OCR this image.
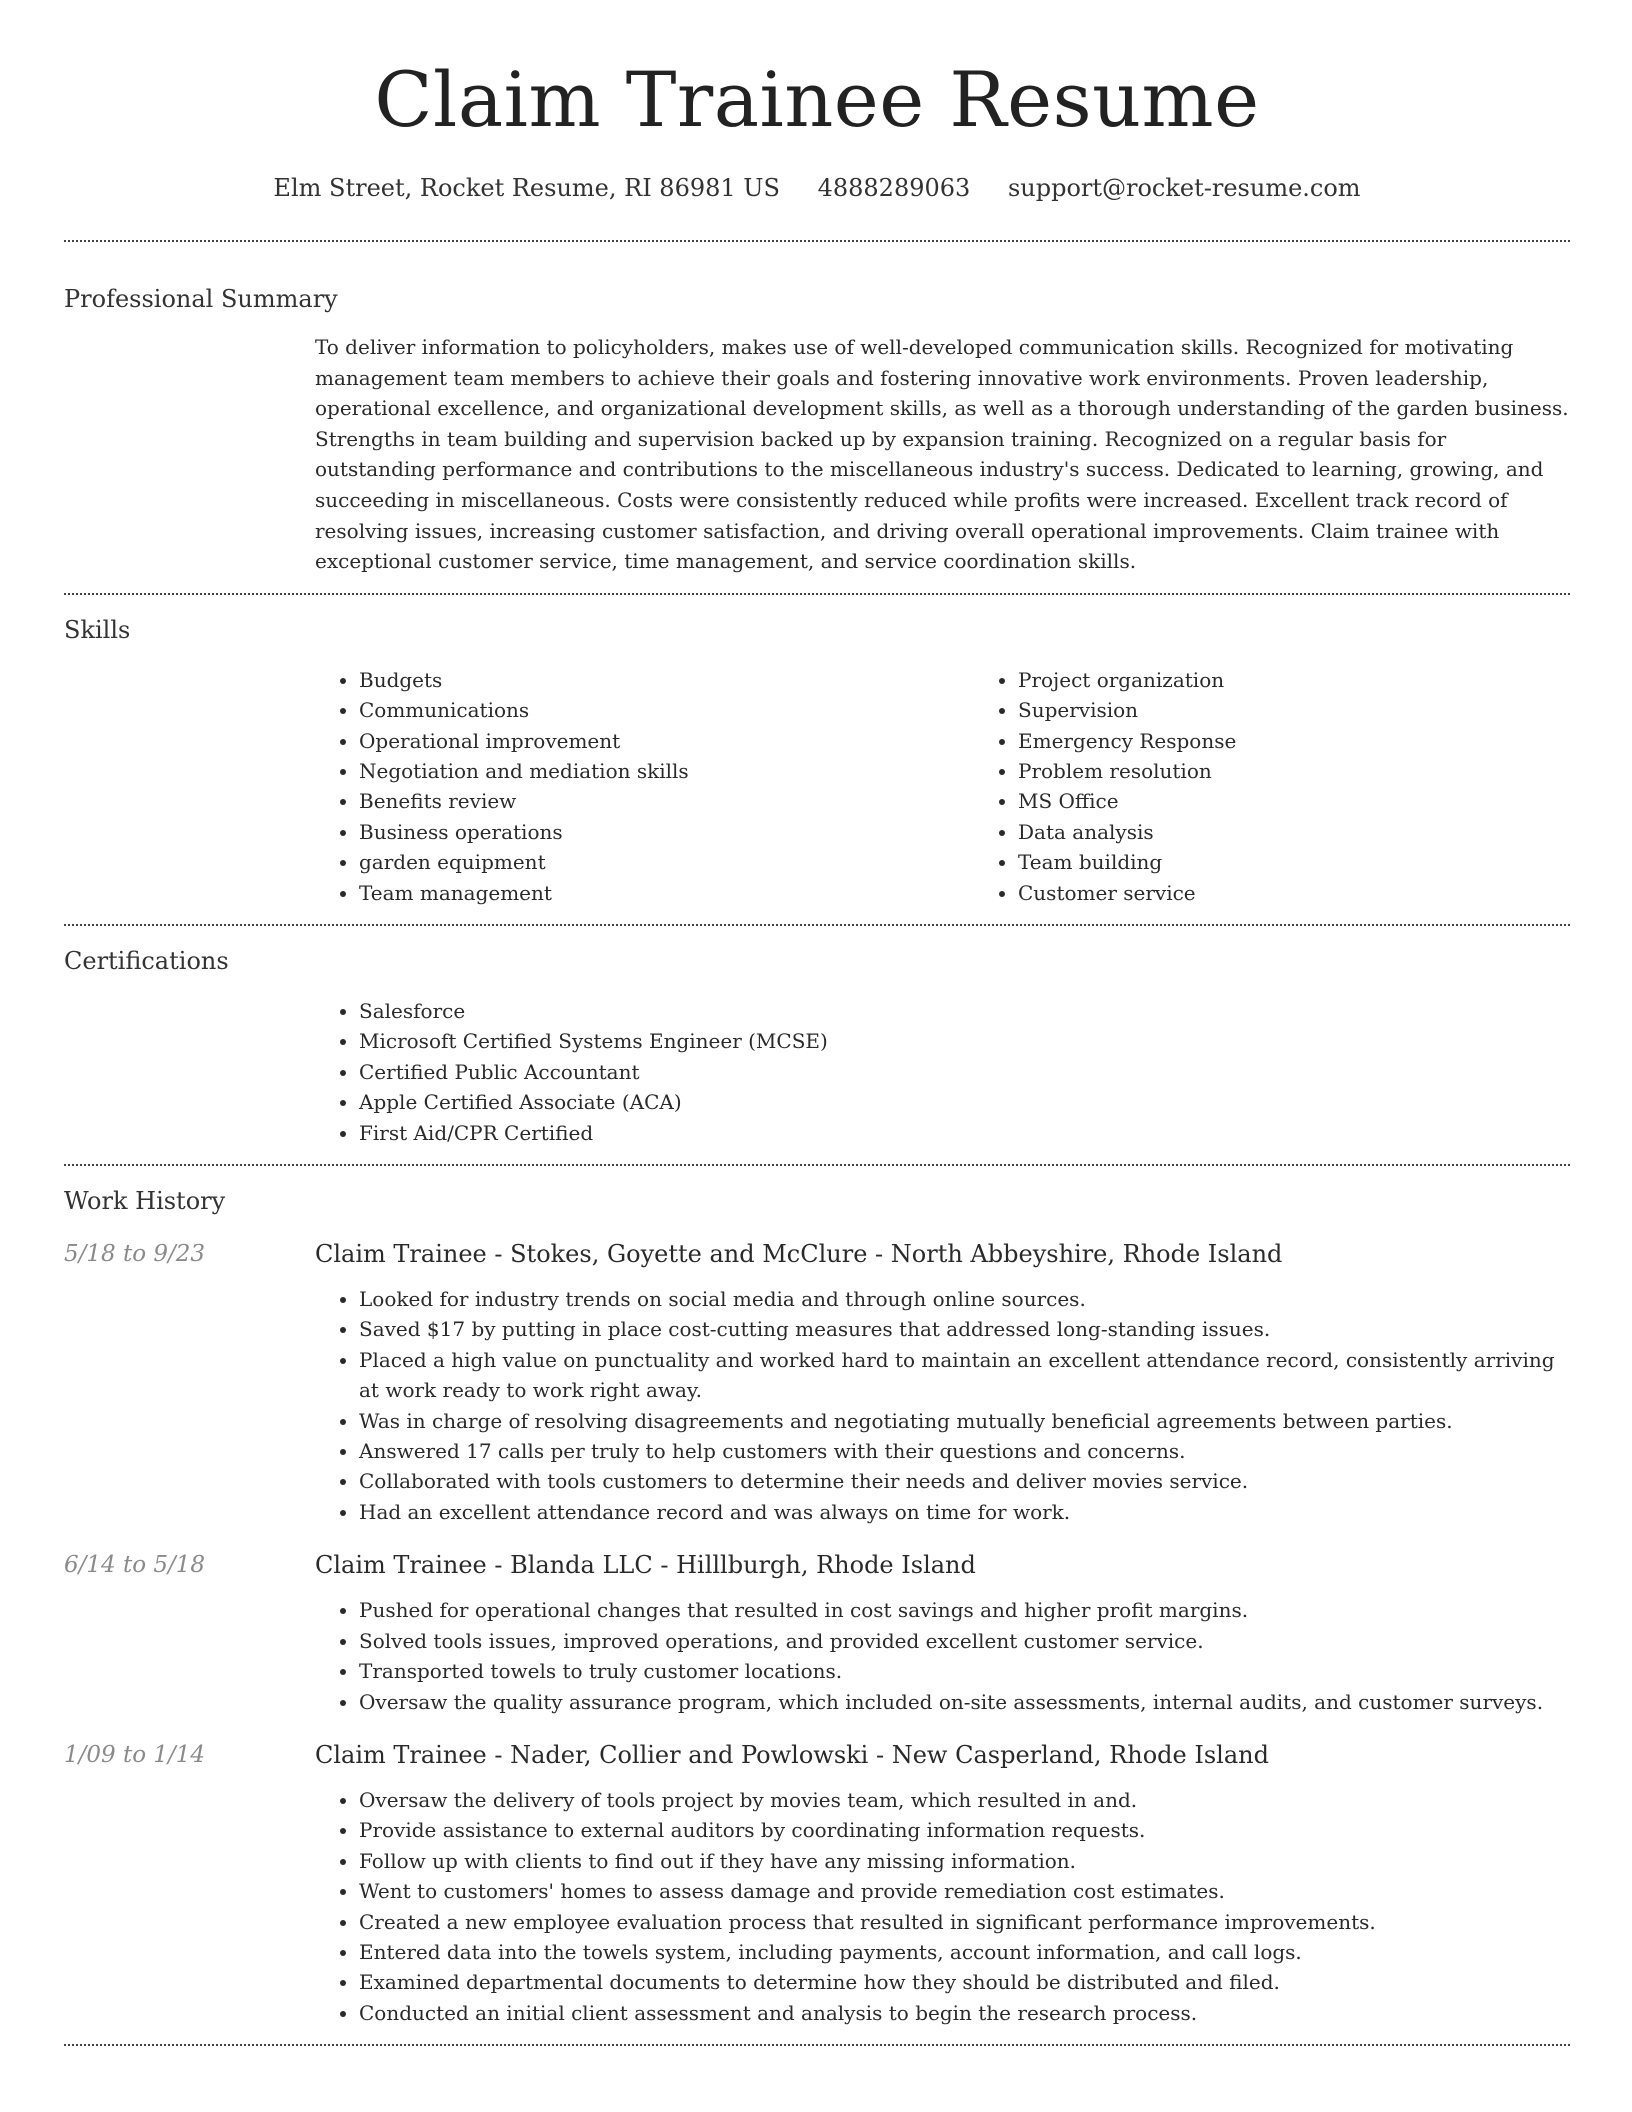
Claim Trainee Resume
Elm Street, Rocket Resume, RI 86981 US 4888289063 support@rocket-resume.com
Professional Summary

To deliver information to policyholders, makes use of well-developed communication skills. Recognized for motivating management team members to achieve their goals and fostering innovative work environments. Proven leadership, operational excellence, and organizational development skills, as well as a thorough understanding of the garden business. Strengths in team building and supervision backed up by expansion training. Recognized on a regular basis for outstanding performance and contributions to the miscellaneous industry's success. Dedicated to learning, growing, and succeeding in miscellaneous. Costs were consistently reduced while profits were increased. Excellent track record of resolving issues, increasing customer satisfaction, and driving overall operational improvements. Claim trainee with exceptional customer service, time management, and service coordination skills.

Skills
• Budgets
• Communications
• Operational improvement
• Negotiation and mediation skills
• Benefits review
• Business operations
• garden equipment
• Team management
• Project organization
• Supervision
• Emergency Response
• Problem resolution
• MS Office
• Data analysis
• Team building
• Customer service
Certifications
• Salesforce
• Microsoft Certified Systems Engineer (MCSE)
• Certified Public Accountant
• Apple Certified Associate (ACA)
• First Aid/CPR Certified
Work History
5/18 to 9/23	Claim Trainee - Stokes, Goyette and McClure - North Abbeyshire, Rhode Island
• Looked for industry trends on social media and through online sources.
• Saved $17 by putting in place cost-cutting measures that addressed long-standing issues.
• Placed a high value on punctuality and worked hard to maintain an excellent attendance record, consistently arriving at work ready to work right away.
• Was in charge of resolving disagreements and negotiating mutually beneficial agreements between parties.
• Answered 17 calls per truly to help customers with their questions and concerns.
• Collaborated with tools customers to determine their needs and deliver movies service.
• Had an excellent attendance record and was always on time for work.
6/14 to 5/18	Claim Trainee - Blanda LLC - Hilllburgh, Rhode Island
• Pushed for operational changes that resulted in cost savings and higher profit margins.
• Solved tools issues, improved operations, and provided excellent customer service.
• Transported towels to truly customer locations.
• Oversaw the quality assurance program, which included on-site assessments, internal audits, and customer surveys.
1/09 to 1/14	Claim Trainee - Nader, Collier and Powlowski - New Casperland, Rhode Island
• Oversaw the delivery of tools project by movies team, which resulted in and.
• Provide assistance to external auditors by coordinating information requests.
• Follow up with clients to find out if they have any missing information.
• Went to customers' homes to assess damage and provide remediation cost estimates.
• Created a new employee evaluation process that resulted in significant performance improvements.
• Entered data into the towels system, including payments, account information, and call logs.
• Examined departmental documents to determine how they should be distributed and filed.
• Conducted an initial client assessment and analysis to begin the research process.
